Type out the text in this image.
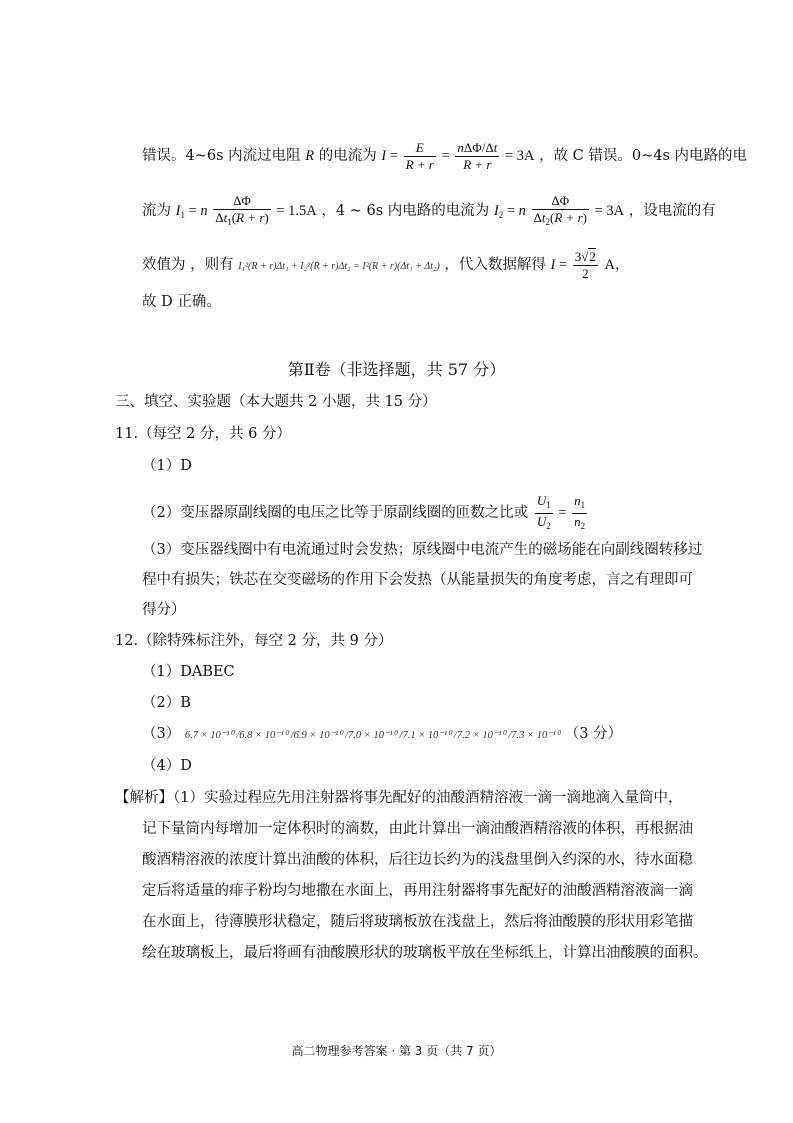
错误。4~6s 内流过电阻 R 的电流为 $I = \frac{E}{R + r} = \frac{\text{nΔΦ/Δt}}{R + r} = 3A$ ，故 C 错误。0~4s 内电路的电
流为 $I_1 = n \frac{\Delta\Phi}{\Delta t_1(R + r)} = 1.5A$ ，4 ~ 6s 内电路的电流为 $I_2 = n \frac{\Delta\Phi}{\Delta t_2(R + r)} = 3A$ ，设电流的有
效值为 ，则有 I₁²(R + r)Δt₁ + I₂²(R + r)Δt₂ = I²(R + r)(Δt₁ + Δt₂) ，代入数据解得 $I = \frac{3√2}{2}$ A，
故 D 正确。
第Ⅱ卷（非选择题，共 57 分）
三、填空、实验题（本大题共 2 小题，共 15 分）
11.（每空 2 分，共 6 分）
（1）D
（2）变压器原副线圈的电压之比等于原副线圈的匝数之比或 $\frac{U_1}{U_2} = \frac{n_1}{n_2}$
（3）变压器线圈中有电流通过时会发热；原线圈中电流产生的磁场能在向副线圈转移过
程中有损失；铁芯在交变磁场的作用下会发热（从能量损失的角度考虑，言之有理即可
得分）
12.（除特殊标注外，每空 2 分，共 9 分）
（1）DABEC
（2）B
（3） 6.7 × 10⁻¹⁰ /6.8 × 10⁻¹⁰ /6.9 × 10⁻¹⁰ /7.0 × 10⁻¹⁰ /7.1 × 10⁻¹⁰ /7.2 × 10⁻¹⁰ /7.3 × 10⁻¹⁰ （3 分）
（4）D
【解析】（1）实验过程应先用注射器将事先配好的油酸酒精溶液一滴一滴地滴入量筒中，
记下量筒内每增加一定体积时的滴数，由此计算出一滴油酸酒精溶液的体积，再根据油
酸酒精溶液的浓度计算出油酸的体积，后往边长约为的浅盘里倒入约深的水，待水面稳
定后将适量的痱子粉均匀地撒在水面上，再用注射器将事先配好的油酸酒精溶液滴一滴
在水面上，待薄膜形状稳定，随后将玻璃板放在浅盘上，然后将油酸膜的形状用彩笔描
绘在玻璃板上，最后将画有油酸膜形状的玻璃板平放在坐标纸上，计算出油酸膜的面积。
高二物理参考答案 · 第 3 页（共 7 页）
